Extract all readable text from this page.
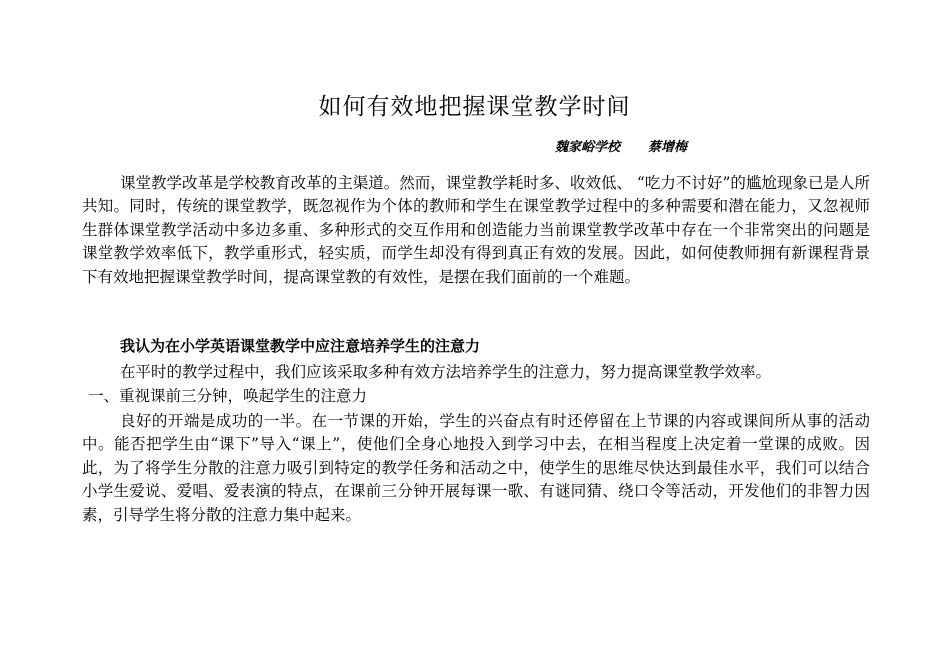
如何有效地把握课堂教学时间
魏家峪学校 蔡增梅
课堂教学改革是学校教育改革的主渠道。然而，课堂教学耗时多、收效低、 “吃力不讨好”的尴尬现象已是人所共知。同时，传统的课堂教学，既忽视作为个体的教师和学生在课堂教学过程中的多种需要和潜在能力，又忽视师生群体课堂教学活动中多边多重、多种形式的交互作用和创造能力当前课堂教学改革中存在一个非常突出的问题是课堂教学效率低下，教学重形式，轻实质，而学生却没有得到真正有效的发展。因此，如何使教师拥有新课程背景下有效地把握课堂教学时间，提高课堂教的有效性，是摆在我们面前的一个难题。
我认为在小学英语课堂教学中应注意培养学生的注意力
在平时的教学过程中，我们应该采取多种有效方法培养学生的注意力，努力提高课堂教学效率。
一、重视课前三分钟，唤起学生的注意力
良好的开端是成功的一半。在一节课的开始，学生的兴奋点有时还停留在上节课的内容或课间所从事的活动中。能否把学生由“课下”导入“课上”，使他们全身心地投入到学习中去，在相当程度上决定着一堂课的成败。因此，为了将学生分散的注意力吸引到特定的教学任务和活动之中，使学生的思维尽快达到最佳水平，我们可以结合小学生爱说、爱唱、爱表演的特点，在课前三分钟开展每课一歌、有谜同猜、绕口令等活动，开发他们的非智力因素，引导学生将分散的注意力集中起来。
